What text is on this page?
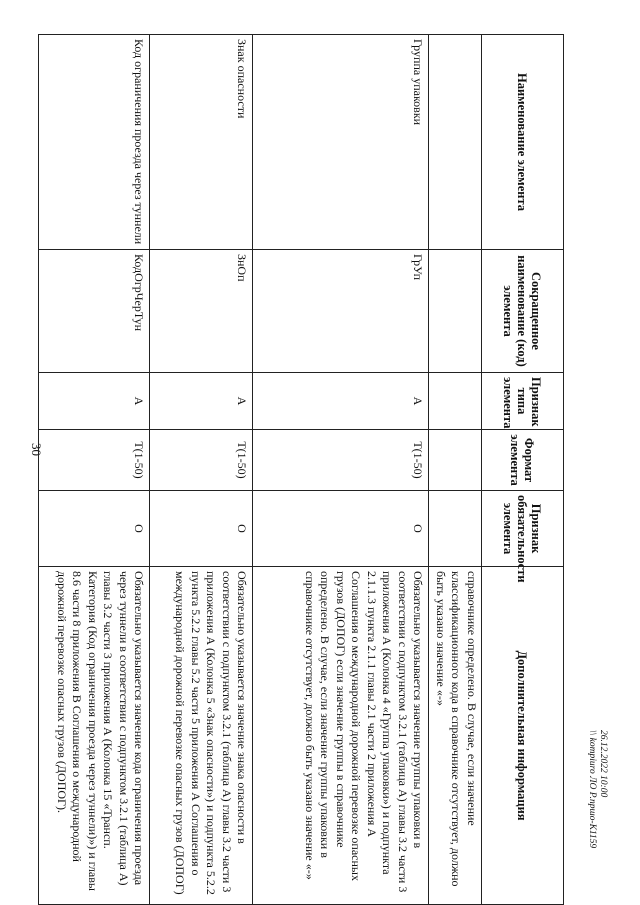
30
26.12.2022 10:00
\\ kompiuro ЛО Р.пршо-К1159
Наименование элемента	Сокращенное наименование (код) элемента	Признак типа элемента	Формат элемента	Признак обязательности элемента	Дополнительная информация
					справочнике определено. В случае, если значение классификационного кода в справочнике отсутствует, должно быть указано значение «-»
Группа упаковки	ГрУп	А	Т(1-50)	О	Обязательно указывается значение группы упаковки в соответствии с подпунктом 3.2.1 (таблица А) главы 3.2 части 3 приложения А (Колонка 4 «Группа упаковки») и подпункта 2.1.1.3 пункта 2.1.1 главы 2.1 части 2 приложения А Соглашения о международной дорожной перевозке опасных грузов (ДОПОГ) если значение группы в справочнике определено. В случае, если значение группы упаковки в справочнике отсутствует, должно быть указано значение «-»
Знак опасности	ЗнОп	А	Т(1-50)	О	Обязательно указывается значение знака опасности в соответствии с подпунктом 3.2.1 (таблица А) главы 3.2 части 3 приложения А (Колонка 5 «Знак опасности») и подпункта 5.2.2 пункта 5.2.2 главы 5.2 части 5 приложения А Соглашения о международной дорожной перевозке опасных грузов (ДОПОГ)
Код ограничения проезда через туннели	КодОгрЧерТун	А	Т(1-50)	О	Обязательно указывается значение кода ограничения проезда через туннели в соответствии с подпунктом 3.2.1 (таблица А) главы 3.2 части 3 приложения А (Колонка 15 «Трансп. Категория (Код ограничения проезда через туннели)») и главы 8.6 части 8 приложения В Соглашения о международной дорожной перевозке опасных грузов (ДОПОГ).
